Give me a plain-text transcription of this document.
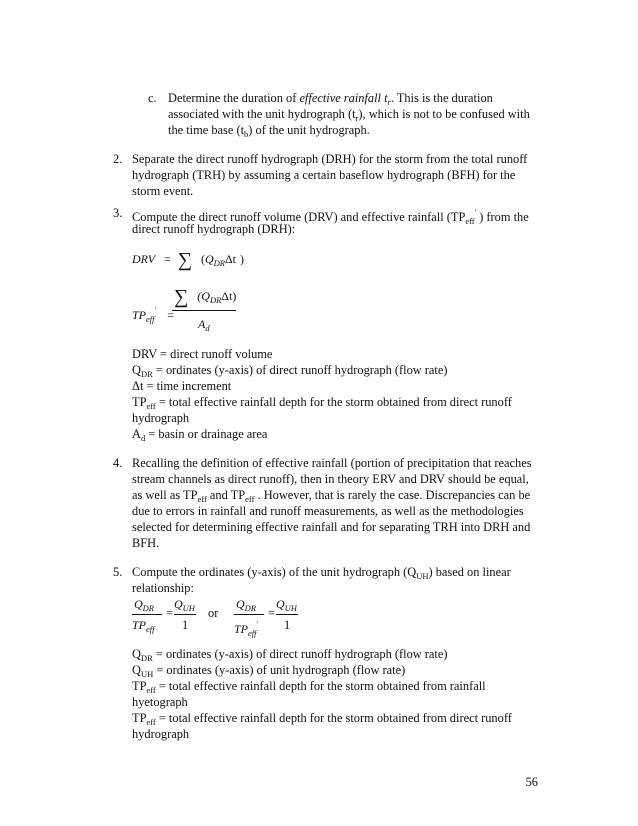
c. Determine the duration of effective rainfall $t_r$. This is the duration
associated with the unit hydrograph $(t_r)$, which is not to be confused with
the time base $(t_b)$ of the unit hydrograph.
2. Separate the direct runoff hydrograph (DRH) for the storm from the total runoff
hydrograph (TRH) by assuming a certain baseflow hydrograph (BFH) for the
storm event.
3. Compute the direct runoff volume (DRV) and effective rainfall ($TP_{eff}'$ ) from the
direct runoff hydrograph (DRH):
DRV = ∑ ($Q_{DR}\Delta t$ )
$TP_{eff}'$ =
∑ $(Q_{DR}\Delta t)$
$A_d$
DRV = direct runoff volume
$Q_{DR}$ = ordinates (y-axis) of direct runoff hydrograph (flow rate)
Δt = time increment
$TP_{eff}$ = total effective rainfall depth for the storm obtained from direct runoff
hydrograph
$A_d = basin$ or drainage area
4. Recalling the definition of effective rainfall (portion of precipitation that reaches
stream channels as direct runoff), then in theory ERV and DRV should be equal,
as well as $TP_{eff}$ and $TP_{eff}$ . However, that is rarely the case. Discrepancies can be
due to errors in rainfall and runoff measurements, as well as the methodologies
selected for determining effective rainfall and for separating TRH into DRH and
BFH.
5. Compute the ordinates (y-axis) of the unit hydrograph $(Q_{UH})$ based on linear
relationship:
$Q_{DR}$
$TP_{eff}$
=
$Q_{UH}$
1
or
$Q_{DR}$
$TP_{eff}'$
=
$Q_{UH}$
1
$Q_{DR}$ = ordinates (y-axis) of direct runoff hydrograph (flow rate)
$Q_{UH}$ = ordinates (y-axis) of unit hydrograph (flow rate)
$TP_{eff}$ = total effective rainfall depth for the storm obtained from rainfall
hyetograph
$TP_{eff}$ = total effective rainfall depth for the storm obtained from direct runoff
hydrograph
56
